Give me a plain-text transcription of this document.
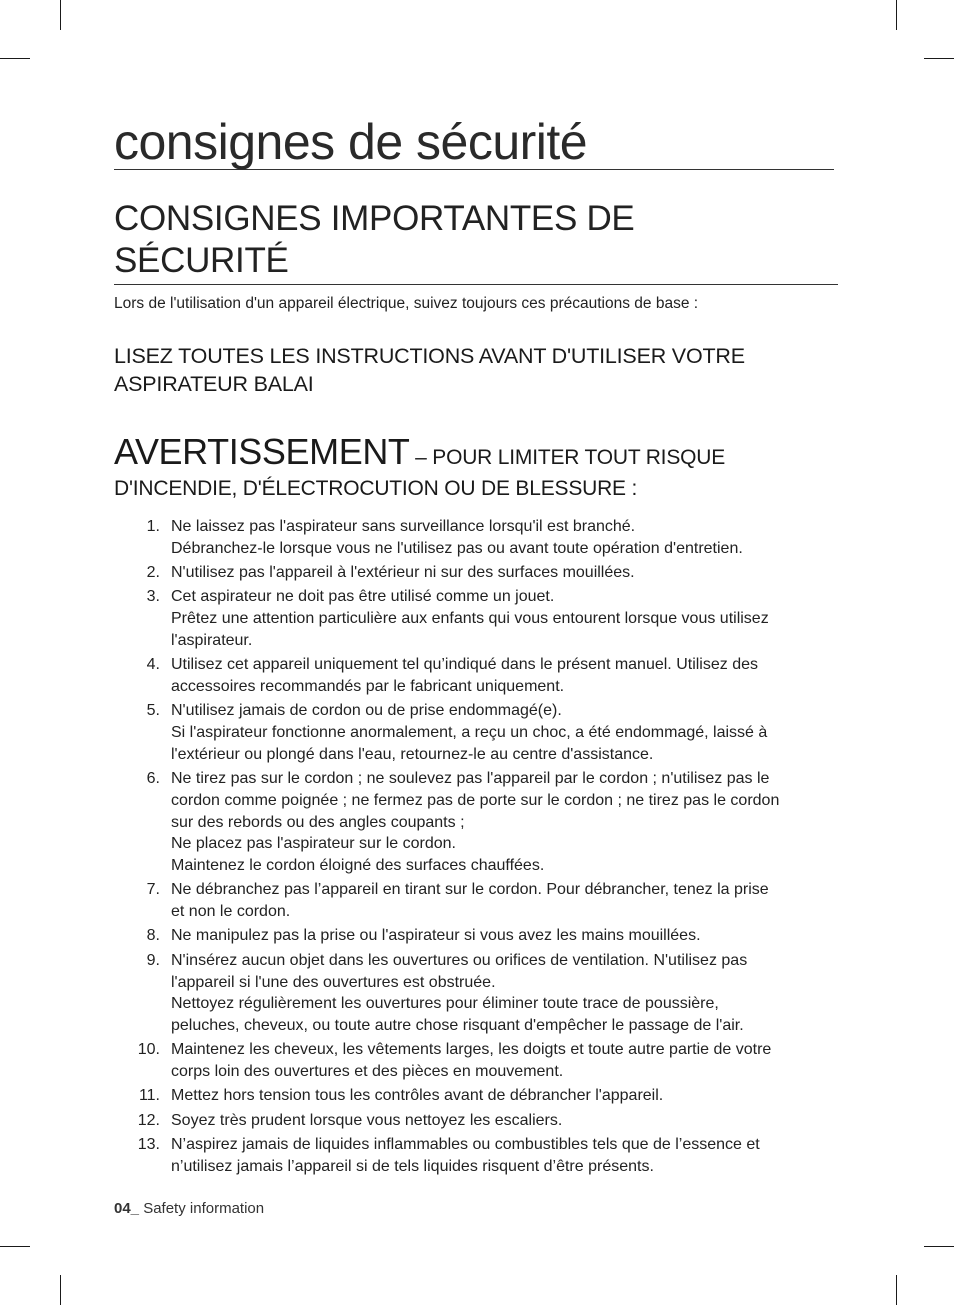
consignes de sécurité
CONSIGNES IMPORTANTES DE
SÉCURITÉ
Lors de l'utilisation d'un appareil électrique, suivez toujours ces précautions de base :
LISEZ TOUTES LES INSTRUCTIONS AVANT D'UTILISER VOTRE
ASPIRATEUR BALAI
AVERTISSEMENT – POUR LIMITER TOUT RISQUE
D'INCENDIE, D'ÉLECTROCUTION OU DE BLESSURE :
1. Ne laissez pas l'aspirateur sans surveillance lorsqu'il est branché.
Débranchez-le lorsque vous ne l'utilisez pas ou avant toute opération d'entretien.
2. N'utilisez pas l'appareil à l'extérieur ni sur des surfaces mouillées.
3. Cet aspirateur ne doit pas être utilisé comme un jouet.
Prêtez une attention particulière aux enfants qui vous entourent lorsque vous utilisez
l'aspirateur.
4. Utilisez cet appareil uniquement tel qu’indiqué dans le présent manuel. Utilisez des
accessoires recommandés par le fabricant uniquement.
5. N'utilisez jamais de cordon ou de prise endommagé(e).
Si l'aspirateur fonctionne anormalement, a reçu un choc, a été endommagé, laissé à
l'extérieur ou plongé dans l'eau, retournez-le au centre d'assistance.
6. Ne tirez pas sur le cordon ; ne soulevez pas l'appareil par le cordon ; n'utilisez pas le
cordon comme poignée ; ne fermez pas de porte sur le cordon ; ne tirez pas le cordon
sur des rebords ou des angles coupants ;
Ne placez pas l'aspirateur sur le cordon.
Maintenez le cordon éloigné des surfaces chauffées.
7. Ne débranchez pas l’appareil en tirant sur le cordon. Pour débrancher, tenez la prise
et non le cordon.
8. Ne manipulez pas la prise ou l'aspirateur si vous avez les mains mouillées.
9. N'insérez aucun objet dans les ouvertures ou orifices de ventilation. N'utilisez pas
l'appareil si l'une des ouvertures est obstruée.
Nettoyez régulièrement les ouvertures pour éliminer toute trace de poussière,
peluches, cheveux, ou toute autre chose risquant d'empêcher le passage de l'air.
10. Maintenez les cheveux, les vêtements larges, les doigts et toute autre partie de votre
corps loin des ouvertures et des pièces en mouvement.
11. Mettez hors tension tous les contrôles avant de débrancher l'appareil.
12. Soyez très prudent lorsque vous nettoyez les escaliers.
13. N’aspirez jamais de liquides inflammables ou combustibles tels que de l’essence et
n’utilisez jamais l’appareil si de tels liquides risquent d’être présents.
04_ Safety information
